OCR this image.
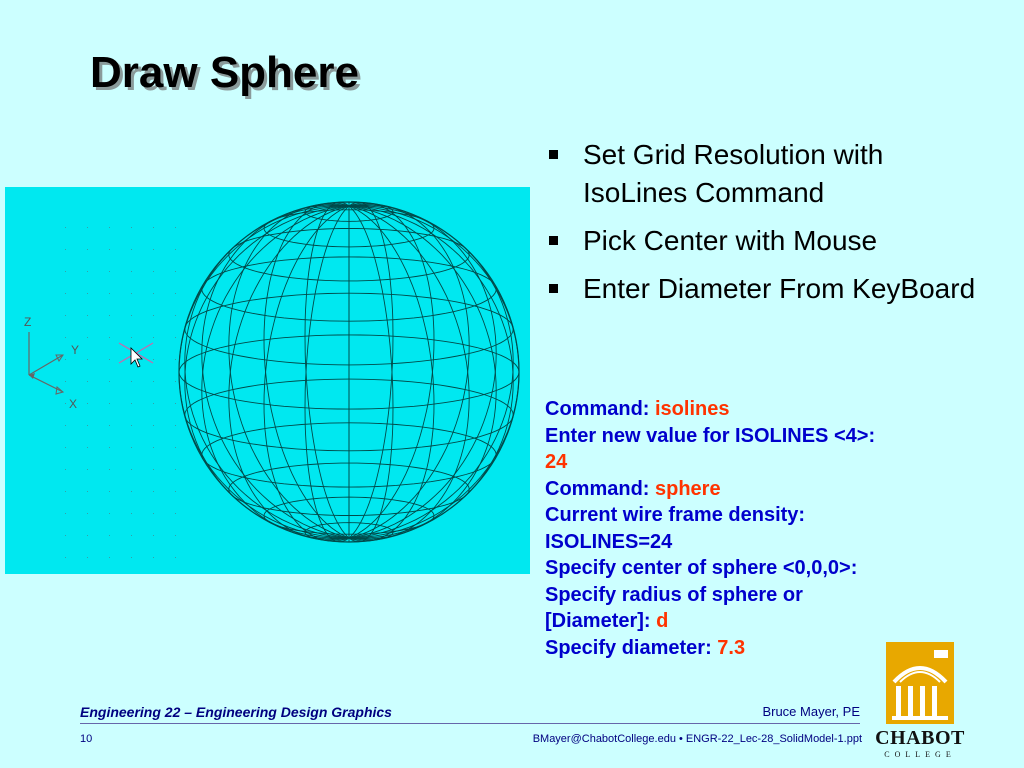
Draw Sphere
Z
Y
X
Set Grid Resolution with IsoLines Command
Pick Center with Mouse
Enter Diameter From KeyBoard
Command: isolines
Enter new value for ISOLINES <4>:
24
Command: sphere
Current wire frame density:
ISOLINES=24
Specify center of sphere <0,0,0>:
Specify radius of sphere or
[Diameter]: d
Specify diameter: 7.3
Engineering 22 – Engineering Design Graphics	Bruce Mayer, PE
10	BMayer@ChabotCollege.edu • ENGR-22_Lec-28_SolidModel-1.ppt CHABOT
COLLEGE
